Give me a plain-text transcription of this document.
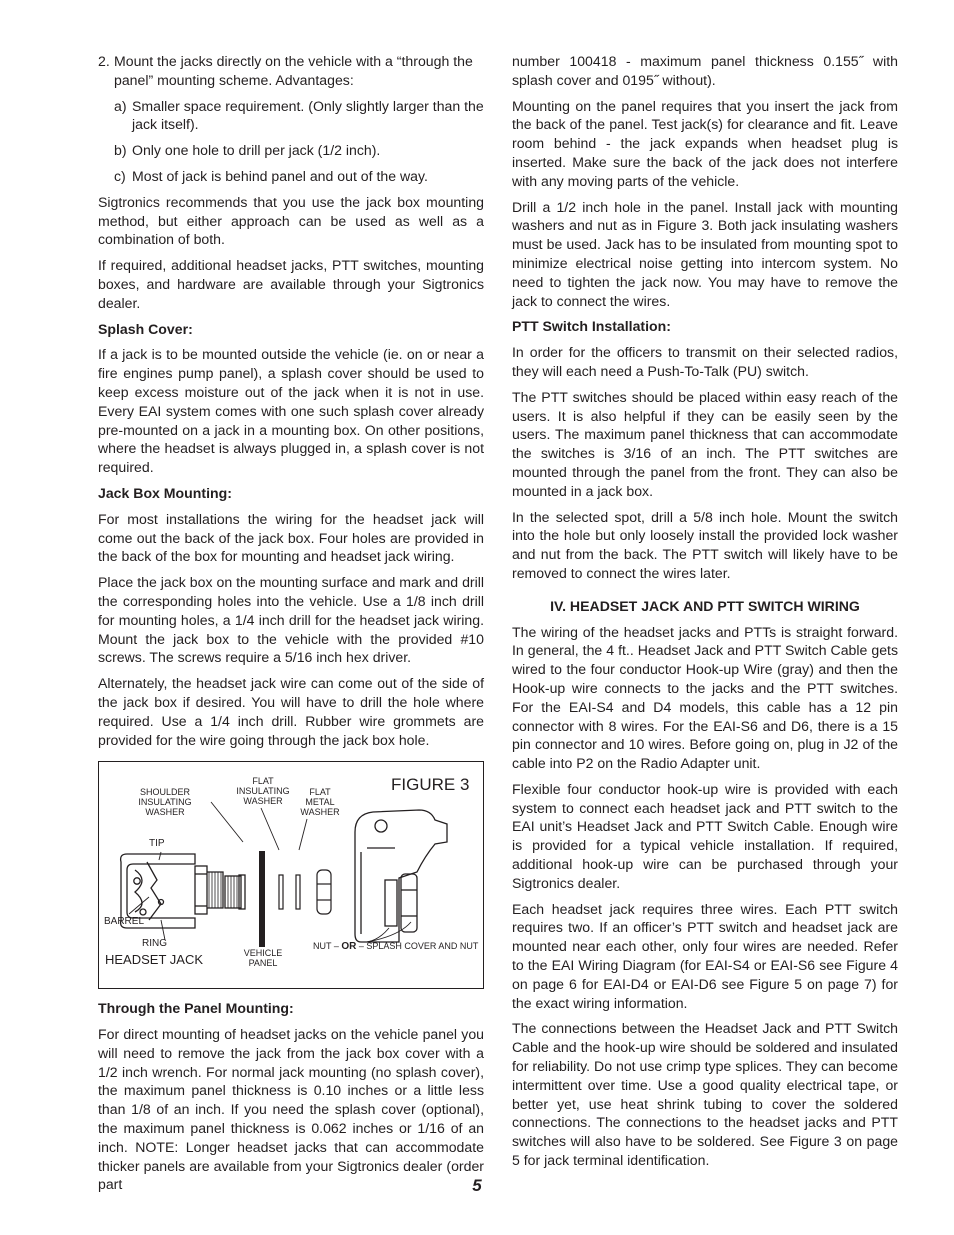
2. Mount the jacks directly on the vehicle with a “through the panel” mounting scheme. Advantages:
a) Smaller space requirement. (Only slightly larger than the jack itself).
b) Only one hole to drill per jack (1/2 inch).
c) Most of jack is behind panel and out of the way.

Sigtronics recommends that you use the jack box mounting method, but either approach can be used as well as a combination of both.

If required, additional headset jacks, PTT switches, mounting boxes, and hardware are available through your Sigtronics dealer.

Splash Cover:

If a jack is to be mounted outside the vehicle (ie. on or near a fire engines pump panel), a splash cover should be used to keep excess moisture out of the jack when it is not in use. Every EAI system comes with one such splash cover already pre-mounted on a jack in a mounting box. On other positions, where the headset is always plugged in, a splash cover is not required.

Jack Box Mounting:

For most installations the wiring for the headset jack will come out the back of the jack box. Four holes are provided in the back of the box for mounting and headset jack wiring.

Place the jack box on the mounting surface and mark and drill the corresponding holes into the vehicle. Use a 1/8 inch drill for mounting holes, a 1/4 inch drill for the headset jack wiring. Mount the jack box to the vehicle with the provided #10 screws. The screws require a 5/16 inch hex driver.

Alternately, the headset jack wire can come out of the side of the jack box if desired. You will have to drill the hole where required. Use a 1/4 inch drill. Rubber wire grommets are provided for the wire going through the jack box hole.

FIGURE 3
SHOULDER
INSULATING
WASHER
FLAT
INSULATING
WASHER
FLAT
METAL
WASHER
TIP
BARREL
RING
HEADSET JACK	VEHICLE
PANEL
NUT – OR – SPLASH COVER AND NUT
Through the Panel Mounting:

For direct mounting of headset jacks on the vehicle panel you will need to remove the jack from the jack box cover with a 1/2 inch wrench. For normal jack mounting (no splash cover), the maximum panel thickness is 0.10 inches or a little less than 1/8 of an inch. If you need the splash cover (optional), the maximum panel thickness is 0.062 inches or 1/16 of an inch. NOTE: Longer headset jacks that can accommodate thicker panels are available from your Sigtronics dealer (order part

number 100418 - maximum panel thickness 0.155˝ with splash cover and 0195˝ without).

Mounting on the panel requires that you insert the jack from the back of the panel. Test jack(s) for clearance and fit. Leave room behind - the jack expands when headset plug is inserted. Make sure the back of the jack does not interfere with any moving parts of the vehicle.

Drill a 1/2 inch hole in the panel. Install jack with mounting washers and nut as in Figure 3. Both jack insulating washers must be used. Jack has to be insulated from mounting spot to minimize electrical noise getting into intercom system. No need to tighten the jack now. You may have to remove the jack to connect the wires.

PTT Switch Installation:

In order for the officers to transmit on their selected radios, they will each need a Push-To-Talk (PU) switch.

The PTT switches should be placed within easy reach of the users. It is also helpful if they can be easily seen by the users. The maximum panel thickness that can accommodate the switches is 3/16 of an inch. The PTT switches are mounted through the panel from the front. They can also be mounted in a jack box.

In the selected spot, drill a 5/8 inch hole. Mount the switch into the hole but only loosely install the provided lock washer and nut from the back. The PTT switch will likely have to be removed to connect the wires later.

IV. HEADSET JACK AND PTT SWITCH WIRING

The wiring of the headset jacks and PTTs is straight forward. In general, the 4 ft.. Headset Jack and PTT Switch Cable gets wired to the four conductor Hook-up Wire (gray) and then the Hook-up wire connects to the jacks and the PTT switches. For the EAI-S4 and D4 models, this cable has a 12 pin connector with 8 wires. For the EAI-S6 and D6, there is a 15 pin connector and 10 wires. Before going on, plug in J2 of the cable into P2 on the Radio Adapter unit.

Flexible four conductor hook-up wire is provided with each system to connect each headset jack and PTT switch to the EAI unit’s Headset Jack and PTT Switch Cable. Enough wire is provided for a typical vehicle installation. If required, additional hook-up wire can be purchased through your Sigtronics dealer.

Each headset jack requires three wires. Each PTT switch requires two. If an officer’s PTT switch and headset jack are mounted near each other, only four wires are needed. Refer to the EAI Wiring Diagram (for EAI-S4 or EAI-S6 see Figure 4 on page 6 for EAI-D4 or EAI-D6 see Figure 5 on page 7) for the exact wiring information.

The connections between the Headset Jack and PTT Switch Cable and the hook-up wire should be soldered and insulated for reliability. Do not use crimp type splices. They can become intermittent over time. Use a good quality electrical tape, or better yet, use heat shrink tubing to cover the soldered connections. The connections to the headset jacks and PTT switches will also have to be soldered. See Figure 3 on page 5 for jack terminal identification.

5
